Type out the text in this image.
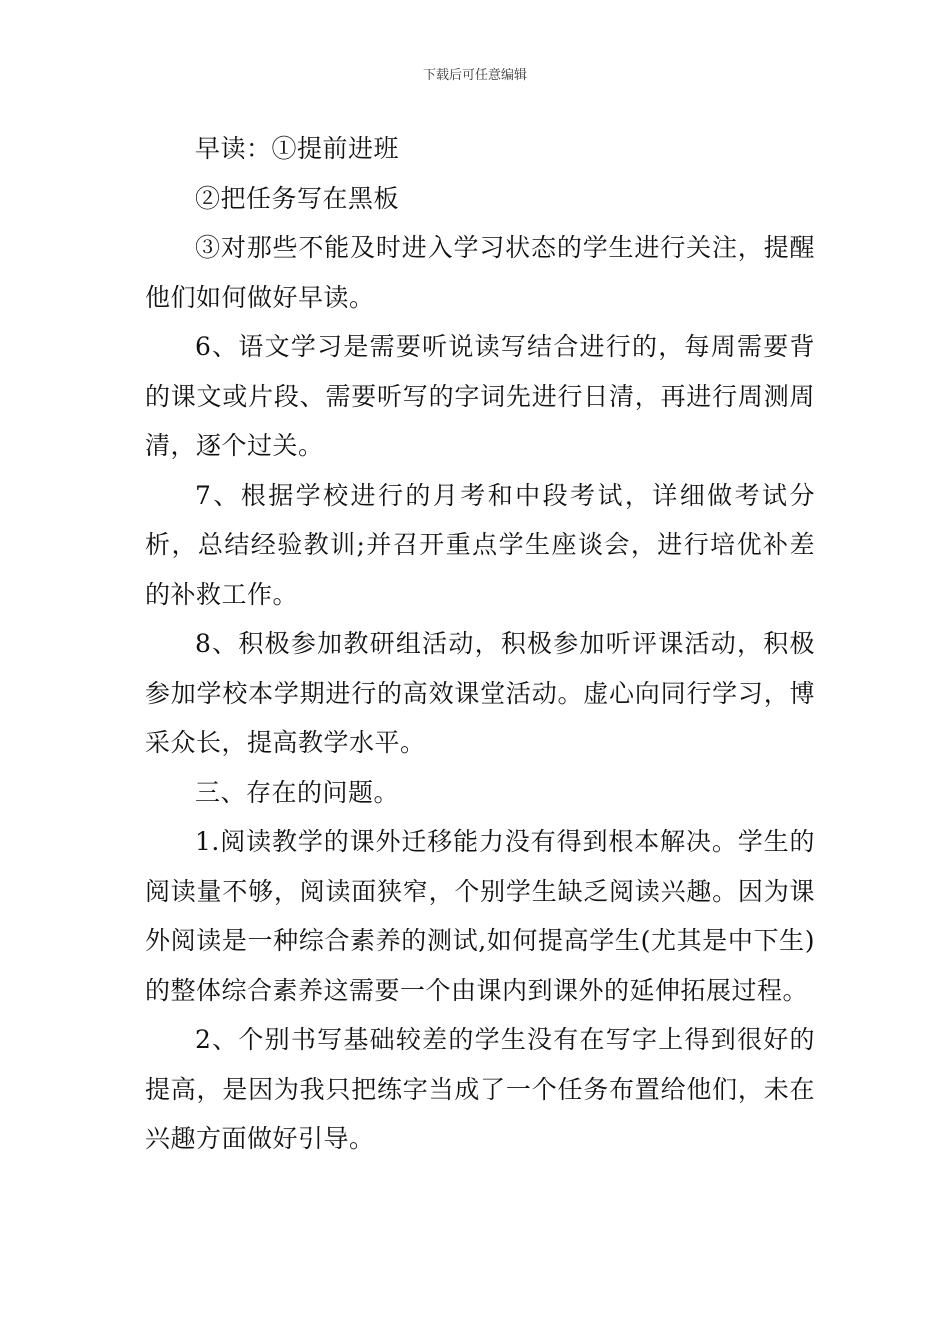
下载后可任意编辑

早读：①提前进班

②把任务写在黑板

③对那些不能及时进入学习状态的学生进行关注，提醒他们如何做好早读。

6、语文学习是需要听说读写结合进行的，每周需要背的课文或片段、需要听写的字词先进行日清，再进行周测周清，逐个过关。

7、根据学校进行的月考和中段考试，详细做考试分析，总结经验教训;并召开重点学生座谈会，进行培优补差的补救工作。

8、积极参加教研组活动，积极参加听评课活动，积极参加学校本学期进行的高效课堂活动。虚心向同行学习，博采众长，提高教学水平。

三、存在的问题。

1.阅读教学的课外迁移能力没有得到根本解决。学生的阅读量不够，阅读面狭窄，个别学生缺乏阅读兴趣。因为课外阅读是一种综合素养的测试,如何提高学生(尤其是中下生)的整体综合素养这需要一个由课内到课外的延伸拓展过程。

2、个别书写基础较差的学生没有在写字上得到很好的提高，是因为我只把练字当成了一个任务布置给他们，未在兴趣方面做好引导。
